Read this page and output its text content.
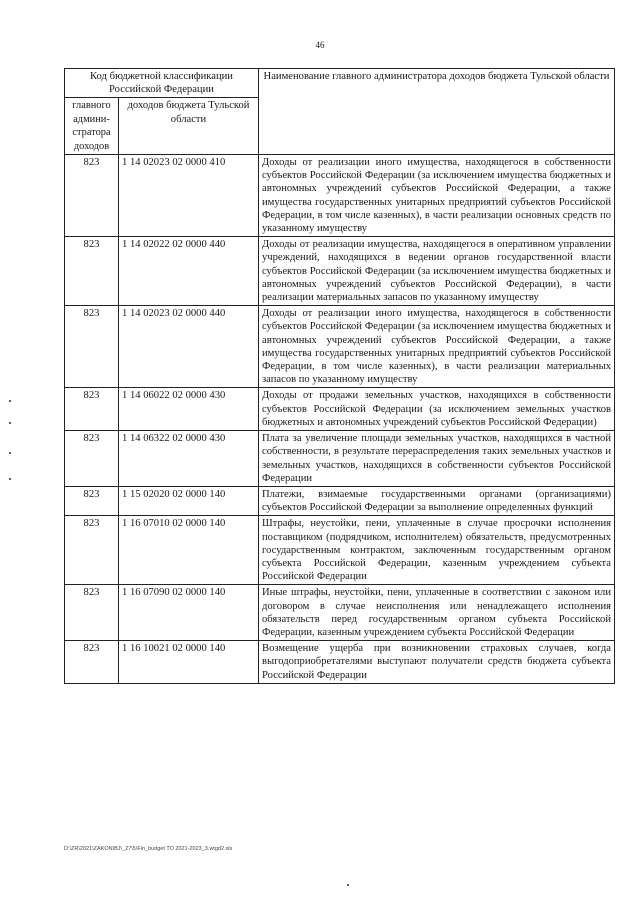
46
Код бюджетной классификации Российской Федерации		Наименование главного администратора доходов бюджета Тульской области
главного админи-стратора доходов	доходов бюджета Тульской области	
823	1 14 02023 02 0000 410	Доходы от реализации иного имущества, находящегося в собственности субъектов Российской Федерации (за исключением имущества бюджетных и автономных учреждений субъектов Российской Федерации, а также имущества государственных унитарных предприятий субъектов Российской Федерации, в том числе казенных), в части реализации основных средств по указанному имуществу
823	1 14 02022 02 0000 440	Доходы от реализации имущества, находящегося в оперативном управлении учреждений, находящихся в ведении органов государственной власти субъектов Российской Федерации (за исключением имущества бюджетных и автономных учреждений субъектов Российской Федерации), в части реализации материальных запасов по указанному имуществу
823	1 14 02023 02 0000 440	Доходы от реализации иного имущества, находящегося в собственности субъектов Российской Федерации (за исключением имущества бюджетных и автономных учреждений субъектов Российской Федерации, а также имущества государственных унитарных предприятий субъектов Российской Федерации, в том числе казенных), в части реализации материальных запасов по указанному имуществу
823	1 14 06022 02 0000 430	Доходы от продажи земельных участков, находящихся в собственности субъектов Российской Федерации (за исключением земельных участков бюджетных и автономных учреждений субъектов Российской Федерации)
823	1 14 06322 02 0000 430	Плата за увеличение площади земельных участков, находящихся в частной собственности, в результате перераспределения таких земельных участков и земельных участков, находящихся в собственности субъектов Российской Федерации
823	1 15 02020 02 0000 140	Платежи, взимаемые государственными органами (организациями) субъектов Российской Федерации за выполнение определенных функций
823	1 16 07010 02 0000 140	Штрафы, неустойки, пени, уплаченные в случае просрочки исполнения поставщиком (подрядчиком, исполнителем) обязательств, предусмотренных государственным контрактом, заключенным государственным органом субъекта Российской Федерации, казенным учреждением субъекта Российской Федерации
823	1 16 07090 02 0000 140	Иные штрафы, неустойки, пени, уплаченные в соответствии с законом или договором в случае неисполнения или ненадлежащего исполнения обязательств перед государственным органом субъекта Российской Федерации, казенным учреждением субъекта Российской Федерации
823	1 16 10021 02 0000 140	Возмещение ущерба при возникновении страховых случаев, когда выгодоприобретателями выступают получатели средств бюджета субъекта Российской Федерации
D:\ZR\2021\ZAKON\BJ\_27\5\Fin_budget TO 2021-2023_3.wtgd2.xls
